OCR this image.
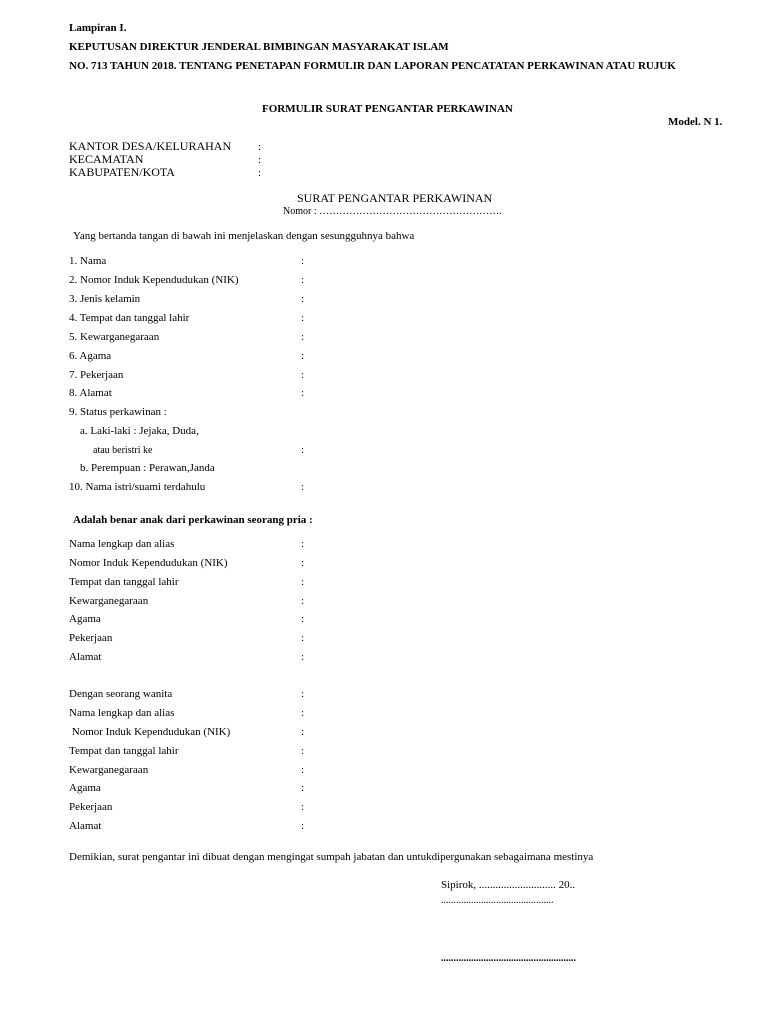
Lampiran I.
KEPUTUSAN DIREKTUR JENDERAL BIMBINGAN MASYARAKAT ISLAM
NO. 713 TAHUN 2018. TENTANG PENETAPAN FORMULIR DAN LAPORAN PENCATATAN PERKAWINAN ATAU RUJUK
FORMULIR SURAT PENGANTAR PERKAWINAN
Model. N 1.
KANTOR DESA/KELURAHAN :
KECAMATAN	:
KABUPATEN/KOTA	:
SURAT PENGANTAR PERKAWINAN
Nomor : ……………………………………………….
Yang bertanda tangan di bawah ini menjelaskan dengan sesungguhnya bahwa
1. Nama	:
2. Nomor Induk Kependudukan (NIK)	:
3. Jenis kelamin	:
4. Tempat dan tanggal lahir	:
5. Kewarganegaraan	:
6. Agama	:
7. Pekerjaan	:
8. Alamat	:
9. Status perkawinan :
a. Laki-laki : Jejaka, Duda,
atau beristri ke	:
b. Perempuan : Perawan,Janda
10. Nama istri/suami terdahulu	:
Adalah benar anak dari perkawinan seorang pria :
Nama lengkap dan alias	:
Nomor Induk Kependudukan (NIK)	:
Tempat dan tanggal lahir	:
Kewarganegaraan	:
Agama	:
Pekerjaan	:
Alamat	:
Dengan seorang wanita	:
Nama lengkap dan alias	:
Nomor Induk Kependudukan (NIK)	:
Tempat dan tanggal lahir	:
Kewarganegaraan	:
Agama	:
Pekerjaan	:
Alamat	:
Demikian, surat pengantar ini dibuat dengan mengingat sumpah jabatan dan untukdipergunakan sebagaimana mestinya
Sipirok, ............................ 20..
.............................................
......................................................
